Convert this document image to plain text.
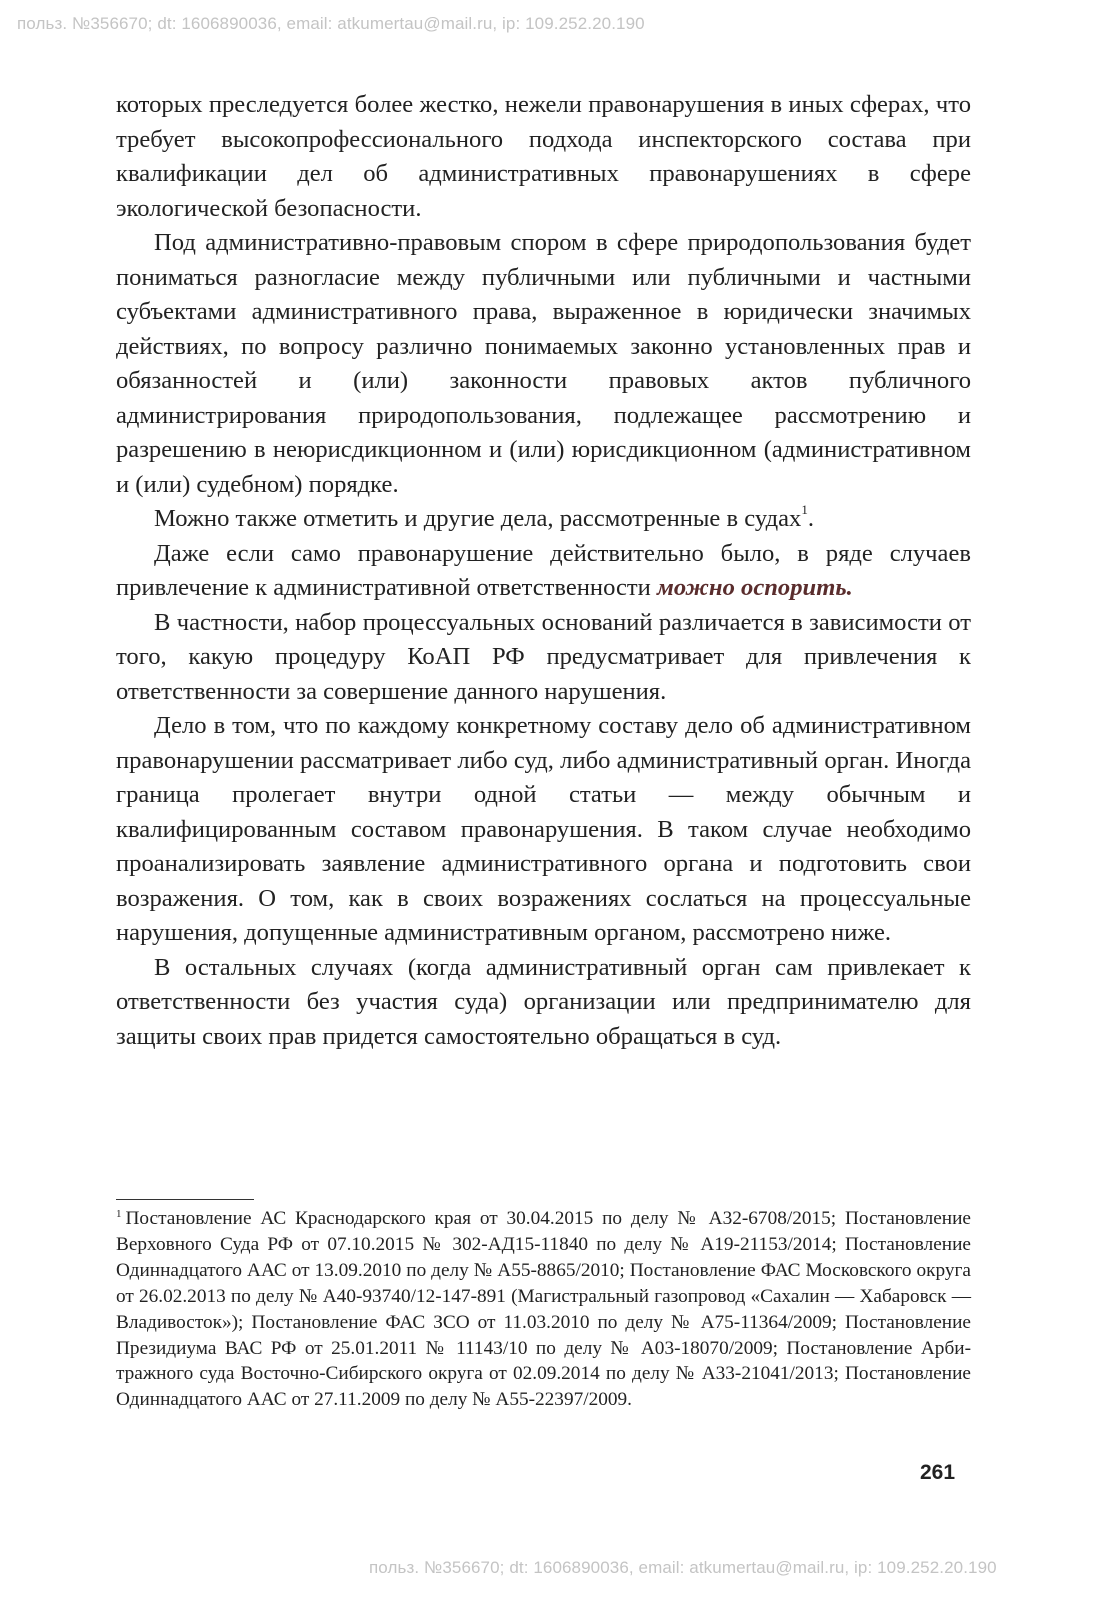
польз. №356670; dt: 1606890036, email: atkumertau@mail.ru, ip: 109.252.20.190

которых преследуется более жестко, нежели правонарушения в иных сферах, что требует высокопрофессионального подхода инспекторского состава при квалификации дел об административных правонарушениях в сфере экологической безопасности.

Под административно-правовым спором в сфере природопользования будет пониматься разногласие между публичными или публичными и частными субъектами административного права, выраженное в юридически значимых действиях, по вопросу различно понимаемых законно установленных прав и обязанностей и (или) законности правовых актов публичного администрирования природопользования, подлежащее рассмотрению и разрешению в неюрисдикционном и (или) юрисдикционном (административном и (или) судебном) порядке.

Можно также отметить и другие дела, рассмотренные в судах$^1$.

Даже если само правонарушение действительно было, в ряде случаев привлечение к административной ответственности можно оспорить.

В частности, набор процессуальных оснований различается в зависимости от того, какую процедуру КоАП РФ предусматривает для привлечения к ответственности за совершение данного нарушения.

Дело в том, что по каждому конкретному составу дело об административном правонарушении рассматривает либо суд, либо административный орган. Иногда граница пролегает внутри одной статьи — между обычным и квалифицированным составом правонарушения. В таком случае необходимо проанализировать заявление административного органа и подготовить свои возражения. О том, как в своих возражениях сослаться на процессуальные нарушения, допущенные административным органом, рассмотрено ниже.

В остальных случаях (когда административный орган сам привлекает к ответственности без участия суда) организации или предпринимателю для защиты своих прав придется самостоятельно обращаться в суд.

$^1$ Постановление АС Краснодарского края от 30.04.2015 по делу № А32-6708/2015; Постановление Верховного Суда РФ от 07.10.2015 № 302-АД15-11840 по делу № А19-21153/2014; Постановление Одиннадцатого ААС от 13.09.2010 по делу № А55-8865/2010; Постановление ФАС Московского округа от 26.02.2013 по делу № А40-93740/12-147-891 (Магистральный газопровод «Сахалин — Хабаровск — Владивосток»); Постановление ФАС ЗСО от 11.03.2010 по делу № А75-11364/2009; Постановление Президиума ВАС РФ от 25.01.2011 № 11143/10 по делу № А03-18070/2009; Постановление Арбитражного суда Восточно-Сибирского округа от 02.09.2014 по делу № А33-21041/2013; Постановление Одиннадцатого ААС от 27.11.2009 по делу № А55-22397/2009.

261
польз. №356670; dt: 1606890036, email: atkumertau@mail.ru, ip: 109.252.20.190
